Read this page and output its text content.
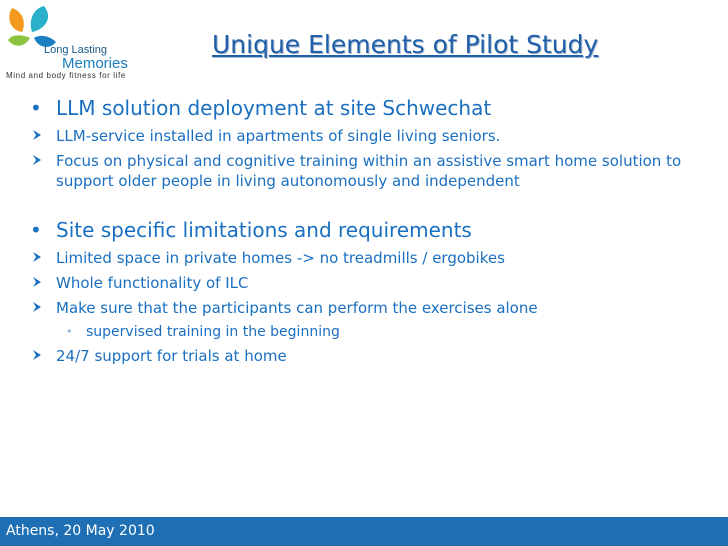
Long Lasting
Memories
Mind and body fitness for life
Unique Elements of Pilot Study
• LLM solution deployment at site Schwechat
LLM-service installed in apartments of single living seniors.
Focus on physical and cognitive training within an assistive smart home solution to support older people in living autonomously and independent
• Site specific limitations and requirements
Limited space in private homes -> no treadmills / ergobikes
Whole functionality of ILC
Make sure that the participants can perform the exercises alone
• supervised training in the beginning
24/7 support for trials at home
Athens, 20 May 2010
